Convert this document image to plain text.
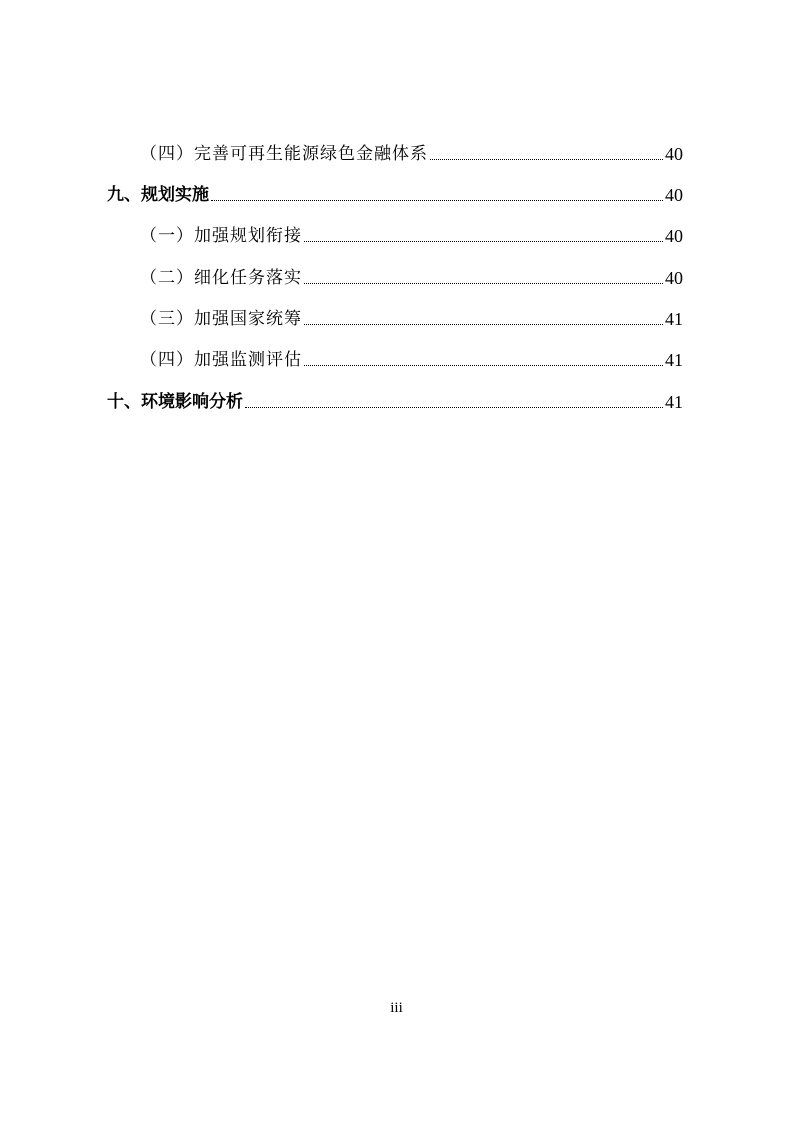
（四）完善可再生能源绿色金融体系	40
九、规划实施	40
（一）加强规划衔接	40
（二）细化任务落实	40
（三）加强国家统筹	41
（四）加强监测评估	41
十、环境影响分析	41
iii
